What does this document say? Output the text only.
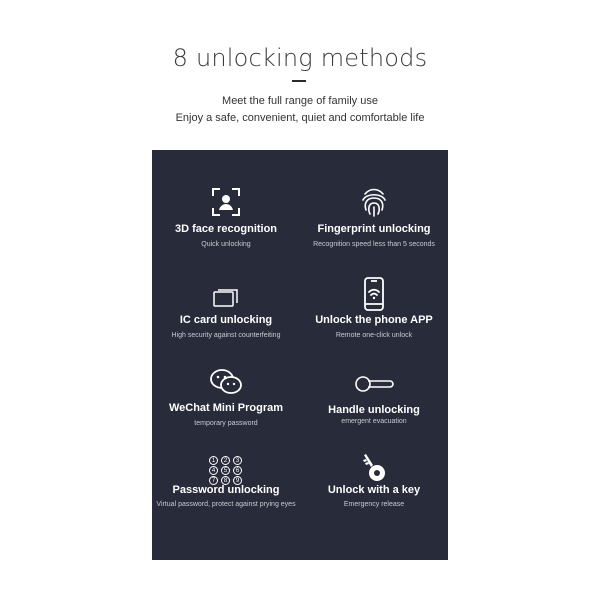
8 unlocking methods
Meet the full range of family use
Enjoy a safe, convenient, quiet and comfortable life
3D face recognition
Quick unlocking
Fingerprint unlocking
Recognition speed less than 5 seconds
IC card unlocking
High security against counterfeiting
Unlock the phone APP
Remote one-click unlock
WeChat Mini Program
temporary password
Handle unlocking
emergent evacuation
1	2	3
4	5	6
7	8	9
Password unlocking
Virtual password, protect against prying eyes
Unlock with a key
Emergency release
